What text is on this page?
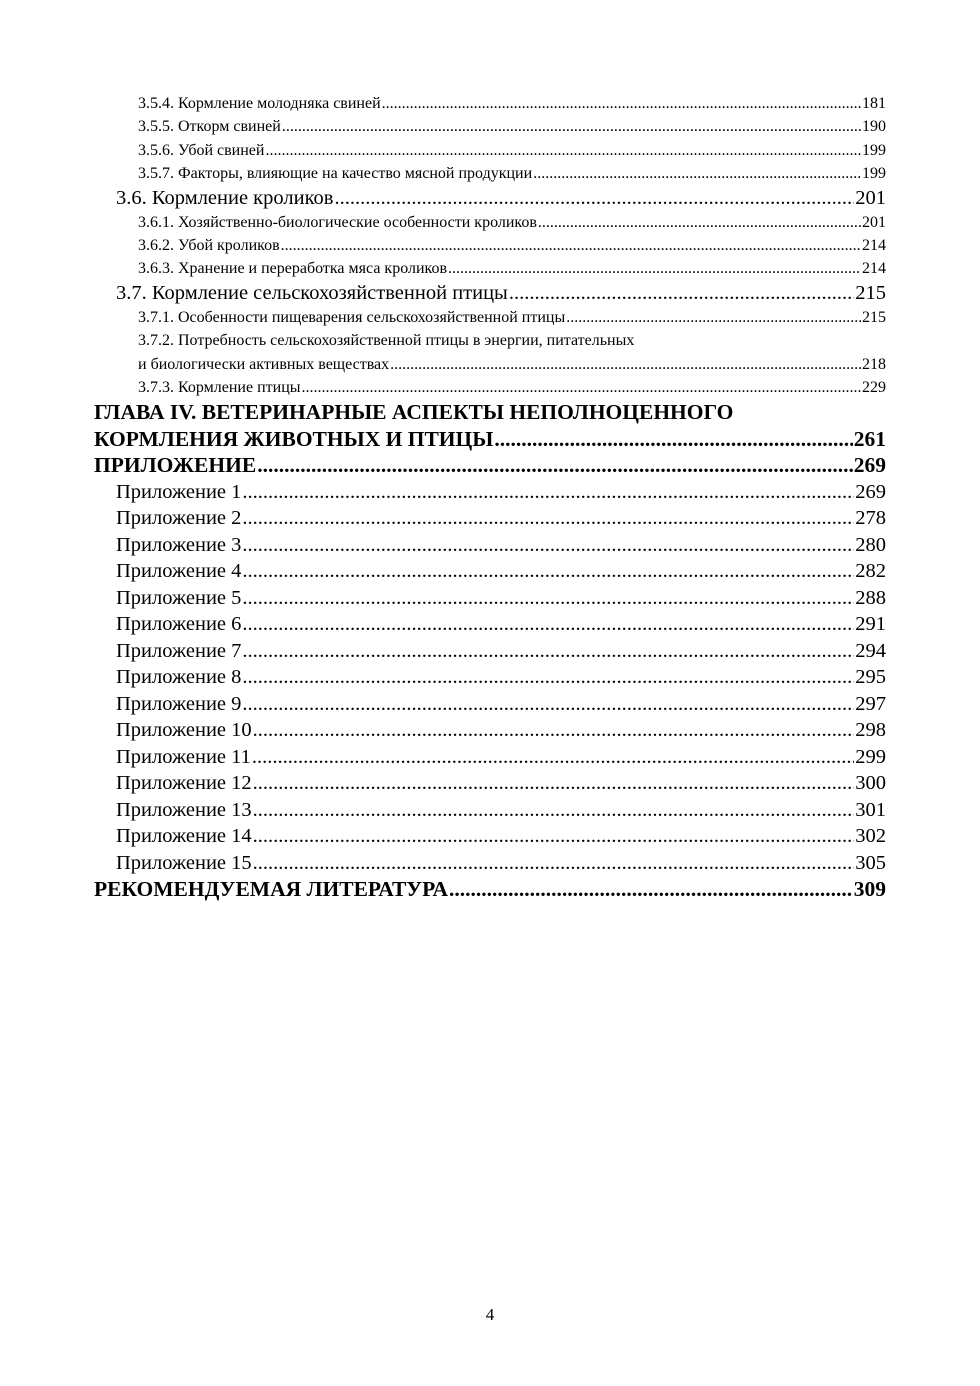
3.5.4. Кормление молодняка свиней .....	181
3.5.5. Откорм свиней .....	190
3.5.6. Убой свиней .....	199
3.5.7. Факторы, влияющие на качество мясной продукции .....	199
3.6. Кормление кроликов .....	201
3.6.1. Хозяйственно-биологические особенности кроликов .....	201
3.6.2. Убой кроликов .....	214
3.6.3. Хранение и переработка мяса кроликов .....	214
3.7. Кормление сельскохозяйственной птицы .....	215
3.7.1. Особенности пищеварения сельскохозяйственной птицы .....	215
3.7.2. Потребность сельскохозяйственной птицы в энергии, питательных
и биологически активных веществах .....	218
3.7.3. Кормление птицы .....	229
ГЛАВА IV. ВЕТЕРИНАРНЫЕ АСПЕКТЫ НЕПОЛНОЦЕННОГО
КОРМЛЕНИЯ ЖИВОТНЫХ И ПТИЦЫ .....	261
ПРИЛОЖЕНИЕ .....	269
Приложение 1 .....	269
Приложение 2 .....	278
Приложение 3 .....	280
Приложение 4 .....	282
Приложение 5 .....	288
Приложение 6 .....	291
Приложение 7 .....	294
Приложение 8 .....	295
Приложение 9 .....	297
Приложение 10 .....	298
Приложение 11 .....	299
Приложение 12 .....	300
Приложение 13 .....	301
Приложение 14 .....	302
Приложение 15 .....	305
РЕКОМЕНДУЕМАЯ ЛИТЕРАТУРА .....	309
4
